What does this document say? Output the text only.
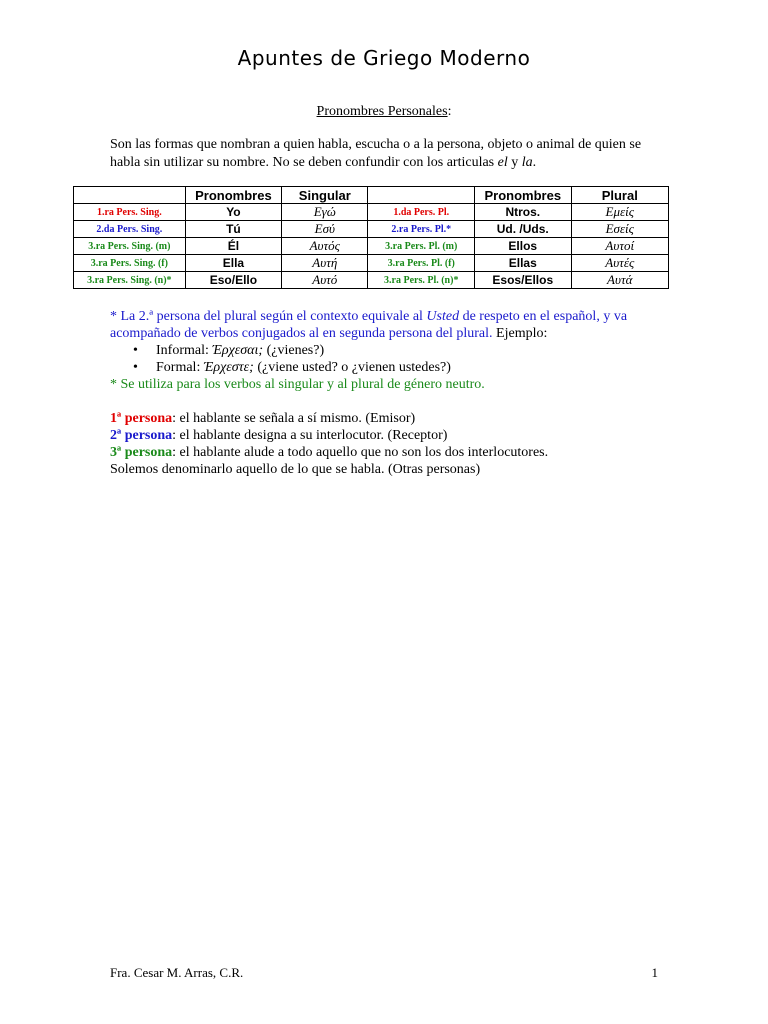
Apuntes de Griego Moderno
Pronombres Personales:
Son las formas que nombran a quien habla, escucha o a la persona, objeto o animal de quien se habla sin utilizar su nombre. No se deben confundir con los articulas el y la.
	Pronombres	Singular		Pronombres	Plural
1.ra Pers. Sing.	Yo	Εγώ	1.da Pers. Pl.	Ntros.	Εμείς
2.da Pers. Sing.	Tú	Εσύ	2.ra Pers. Pl.*	Ud. /Uds.	Εσείς
3.ra Pers. Sing. (m)	Él	Αυτός	3.ra Pers. Pl. (m)	Ellos	Αυτοί
3.ra Pers. Sing. (f)	Ella	Αυτή	3.ra Pers. Pl. (f)	Ellas	Αυτές
3.ra Pers. Sing. (n)*	Eso/Ello	Αυτό	3.ra Pers. Pl. (n)*	Esos/Ellos	Αυτά
* La 2.ª persona del plural según el contexto equivale al Usted de respeto en el español, y va acompañado de verbos conjugados al en segunda persona del plural. Ejemplo:
• Informal: Έρχεσαι; (¿vienes?)
• Formal: Έρχεστε; (¿viene usted? o ¿vienen ustedes?)
* Se utiliza para los verbos al singular y al plural de género neutro.
1ª persona: el hablante se señala a sí mismo. (Emisor)
2ª persona: el hablante designa a su interlocutor. (Receptor)
3ª persona: el hablante alude a todo aquello que no son los dos interlocutores.
Solemos denominarlo aquello de lo que se habla. (Otras personas)
Fra. Cesar M. Arras, C.R.	1
